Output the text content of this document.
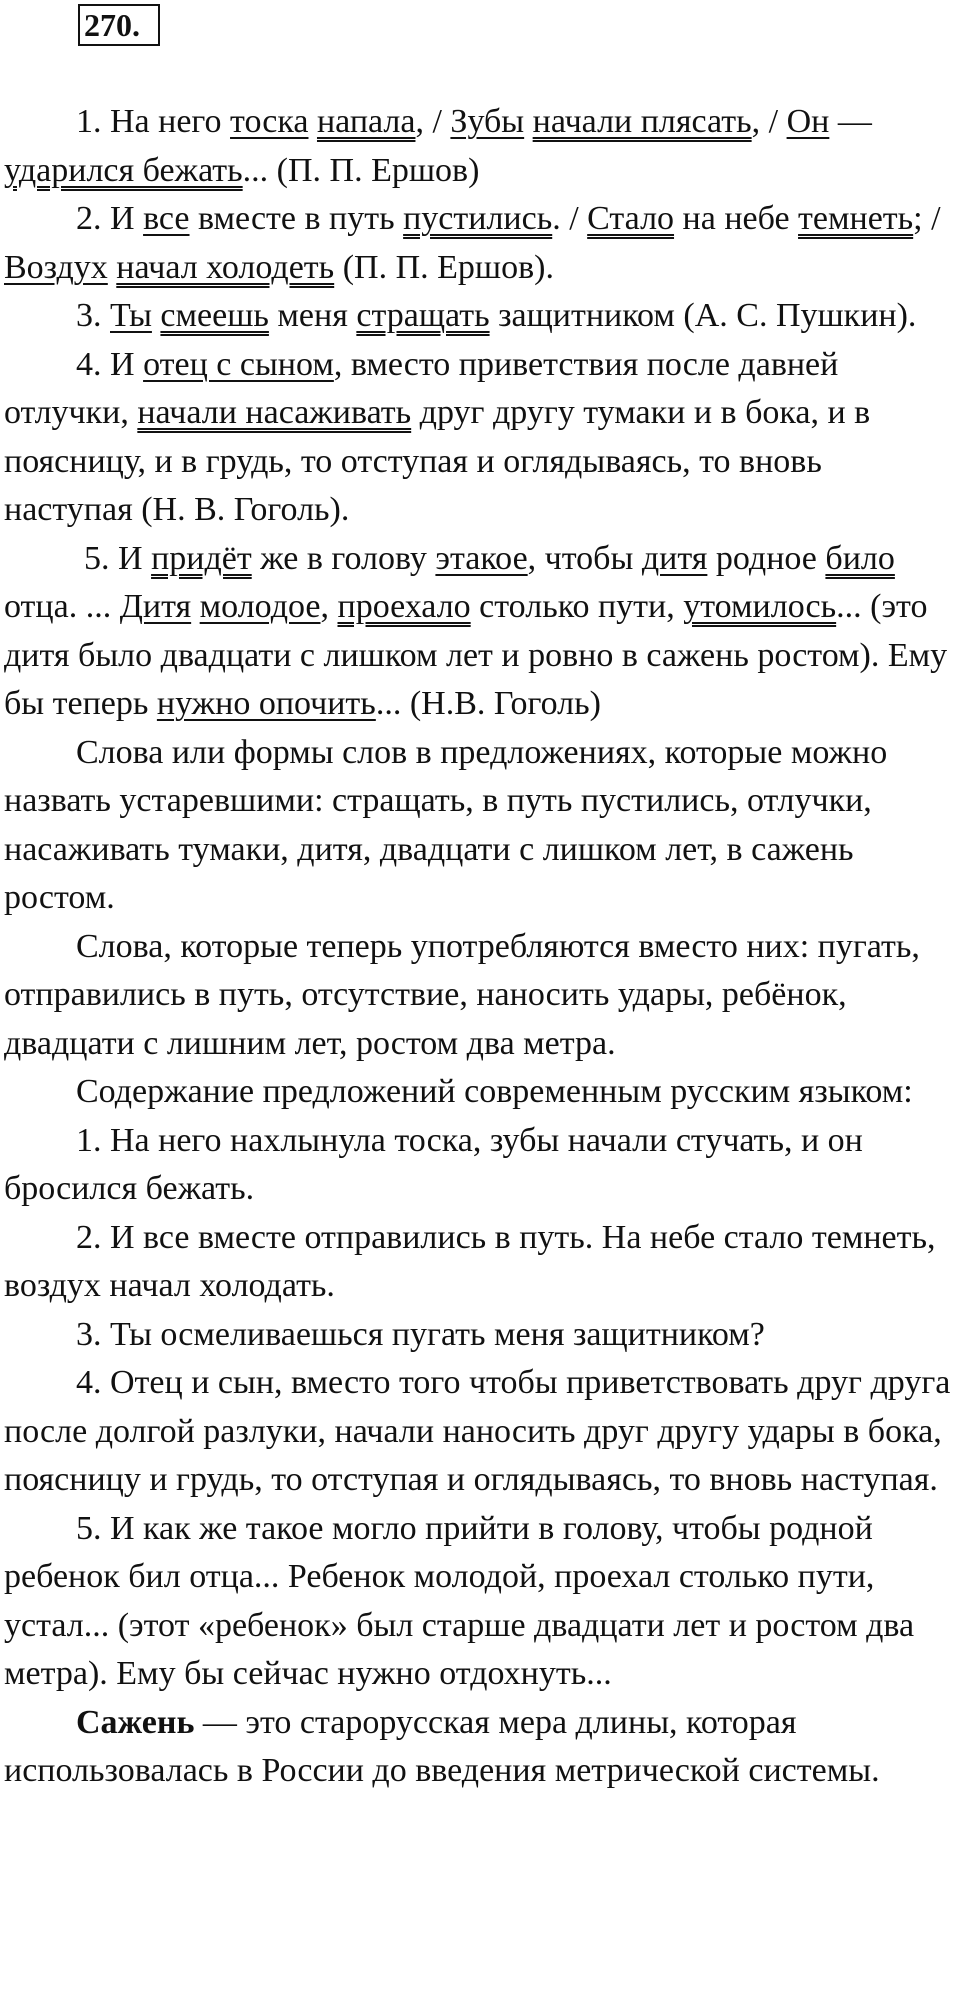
270.

1. На него тоска напала, / Зубы начали плясать, / Он — ударился бежать... (П. П. Ершов)

2. И все вместе в путь пустились. / Стало на небе темнеть; / Воздух начал холодеть (П. П. Ершов).

3. Ты смеешь меня стращать защитником (А. С. Пушкин).

4. И отец с сыном, вместо приветствия после давней отлучки, начали насаживать друг другу тумаки и в бока, и в поясницу, и в грудь, то отступая и оглядываясь, то вновь наступая (Н. В. Гоголь).

5. И придёт же в голову этакое, чтобы дитя родное било отца. ... Дитя молодое, проехало столько пути, утомилось... (это дитя было двадцати с лишком лет и ровно в сажень ростом). Ему бы теперь нужно опочить... (Н.В. Гоголь)

Слова или формы слов в предложениях, которые можно назвать устаревшими: стращать, в путь пустились, отлучки, насаживать тумаки, дитя, двадцати с лишком лет, в сажень ростом.

Слова, которые теперь употребляются вместо них: пугать, отправились в путь, отсутствие, наносить удары, ребёнок, двадцати с лишним лет, ростом два метра.

Содержание предложений современным русским языком:

1. На него нахлынула тоска, зубы начали стучать, и он бросился бежать.

2. И все вместе отправились в путь. На небе стало темнеть, воздух начал холодать.

3. Ты осмеливаешься пугать меня защитником?

4. Отец и сын, вместо того чтобы приветствовать друг друга после долгой разлуки, начали наносить друг другу удары в бока, поясницу и грудь, то отступая и оглядываясь, то вновь наступая.

5. И как же такое могло прийти в голову, чтобы родной ребенок бил отца... Ребенок молодой, проехал столько пути, устал... (этот «ребенок» был старше двадцати лет и ростом два метра). Ему бы сейчас нужно отдохнуть...

Сажень — это старорусская мера длины, которая использовалась в России до введения метрической системы.
